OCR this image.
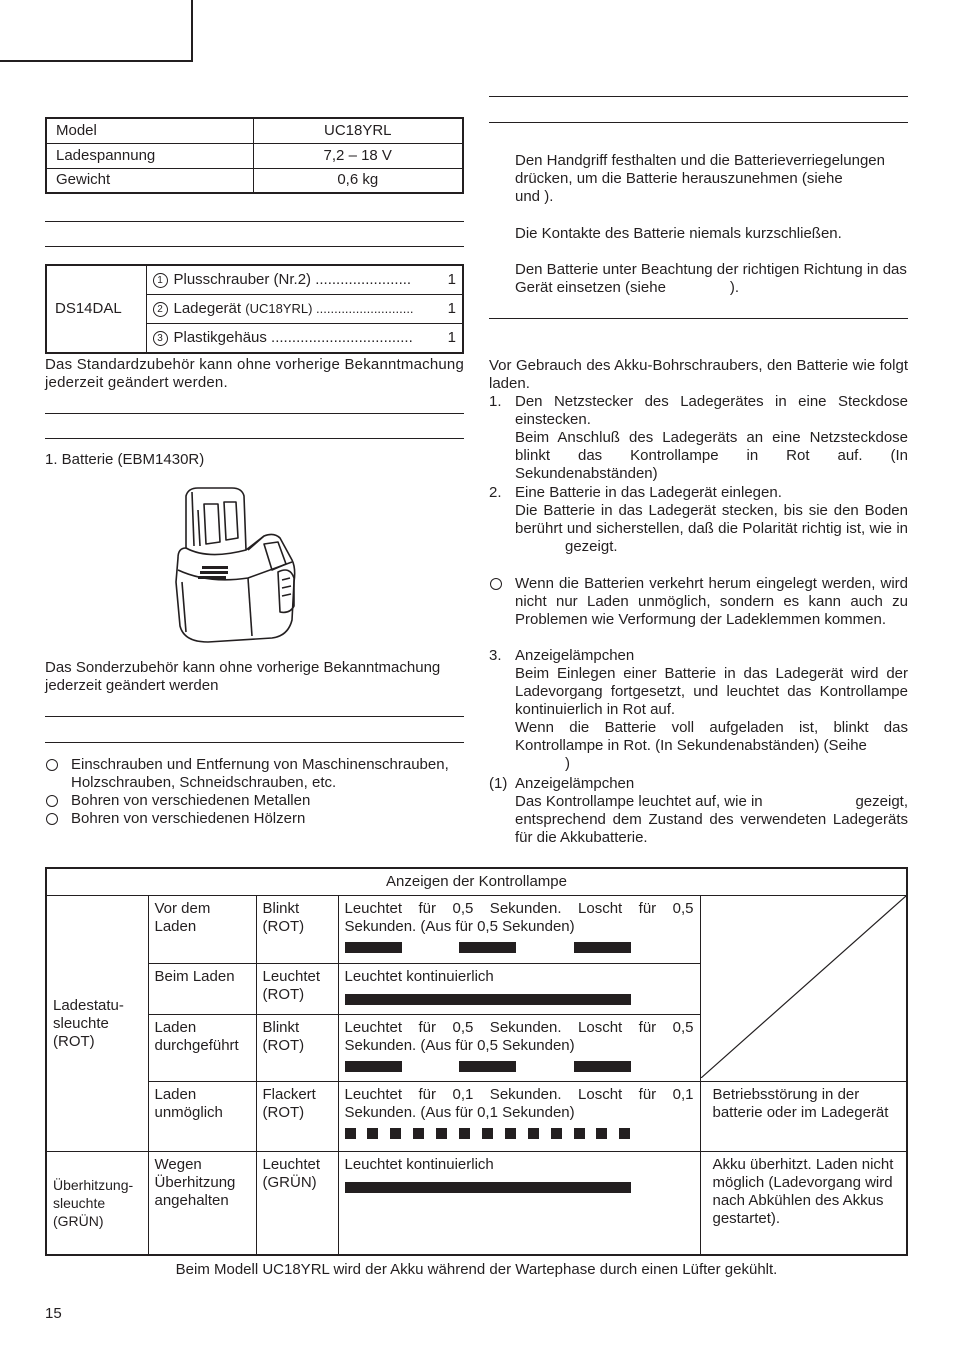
Model	UC18YRL
Ladespannung	7,2 – 18 V
Gewicht	0,6 kg
DS14DAL	
1 Plusschrauber (Nr.2) ....................... 1

2 Ladegerät (UC18YRL) ........................... 1

3 Plastikgehäus .................................. 1
Das Standardzubehör kann ohne vorherige Bekanntmachung jederzeit geändert werden.
1. Batterie (EBM1430R)
Das Sonderzubehör kann ohne vorherige Bekanntmachung jederzeit geändert werden
Einschrauben und Entfernung von Maschinenschrauben, Holzschrauben, Schneidschrauben, etc.
Bohren von verschiedenen Metallen
Bohren von verschiedenen Hölzern
Den Handgriff festhalten und die Batterieverriegelungen drücken, um die Batterie herauszunehmen (siehe
und ).
Die Kontakte des Batterie niemals kurzschließen.
Den Batterie unter Beachtung der richtigen Richtung in das Gerät einsetzen (siehe	).
Vor Gebrauch des Akku-Bohrschraubers, den Batterie wie folgt laden.
1. Den Netzstecker des Ladegerätes in eine Steckdose einstecken.
Beim Anschluß des Ladegeräts an eine Netzsteckdose blinkt das Kontrollampe in Rot auf. (In Sekundenabständen)
2. Eine Batterie in das Ladegerät einlegen.
Die Batterie in das Ladegerät stecken, bis sie den Boden berührt und sicherstellen, daß die Polarität richtig ist, wie ingezeigt.
Wenn die Batterien verkehrt herum eingelegt werden, wird nicht nur Laden unmöglich, sondern es kann auch zu Problemen wie Verformung der Ladeklemmen kommen.
3. Anzeigelämpchen
Beim Einlegen einer Batterie in das Ladegerät wird der Ladevorgang fortgesetzt, und leuchtet das Kontrollampe kontinuierlich in Rot auf.
Wenn die Batterie voll aufgeladen ist, blinkt das Kontrollampe in Rot. (In Sekundenabständen) (Seihe
)
(1) Anzeigelämpchen
Das Kontrollampe leuchtet auf, wie in	gezeigt,
entsprechend dem Zustand des verwendeten Ladegeräts für die Akkubatterie.
Anzeigen der Kontrollampe				
Ladestatu-
sleuchte
(ROT)	Vor dem Laden	Blinkt (ROT)	Leuchtet für 0,5 Sekunden. Loscht für 0,5 Sekunden. (Aus für 0,5 Sekunden)

	Beim Laden	Leuchtet (ROT)	Leuchtet kontinuierlich	

	Laden durchgeführt	Blinkt (ROT)	Leuchtet für 0,5 Sekunden. Loscht für 0,5 Sekunden. (Aus für 0,5 Sekunden)	

	Laden unmöglich	Flackert (ROT)	Leuchtet für 0,1 Sekunden. Loscht für 0,1 Sekunden. (Aus für 0,1 Sekunden)	Betriebsstörung in der batterie oder im Ladegerät
Überhitzung-
sleuchte
(GRÜN)	Wegen Überhitzung angehalten	Leuchtet (GRÜN)	Leuchtet kontinuierlich	Akku überhitzt. Laden nicht möglich (Ladevorgang wird nach Abkühlen des Akkus gestartet).
Beim Modell UC18YRL wird der Akku während der Wartephase durch einen Lüfter gekühlt.
15
